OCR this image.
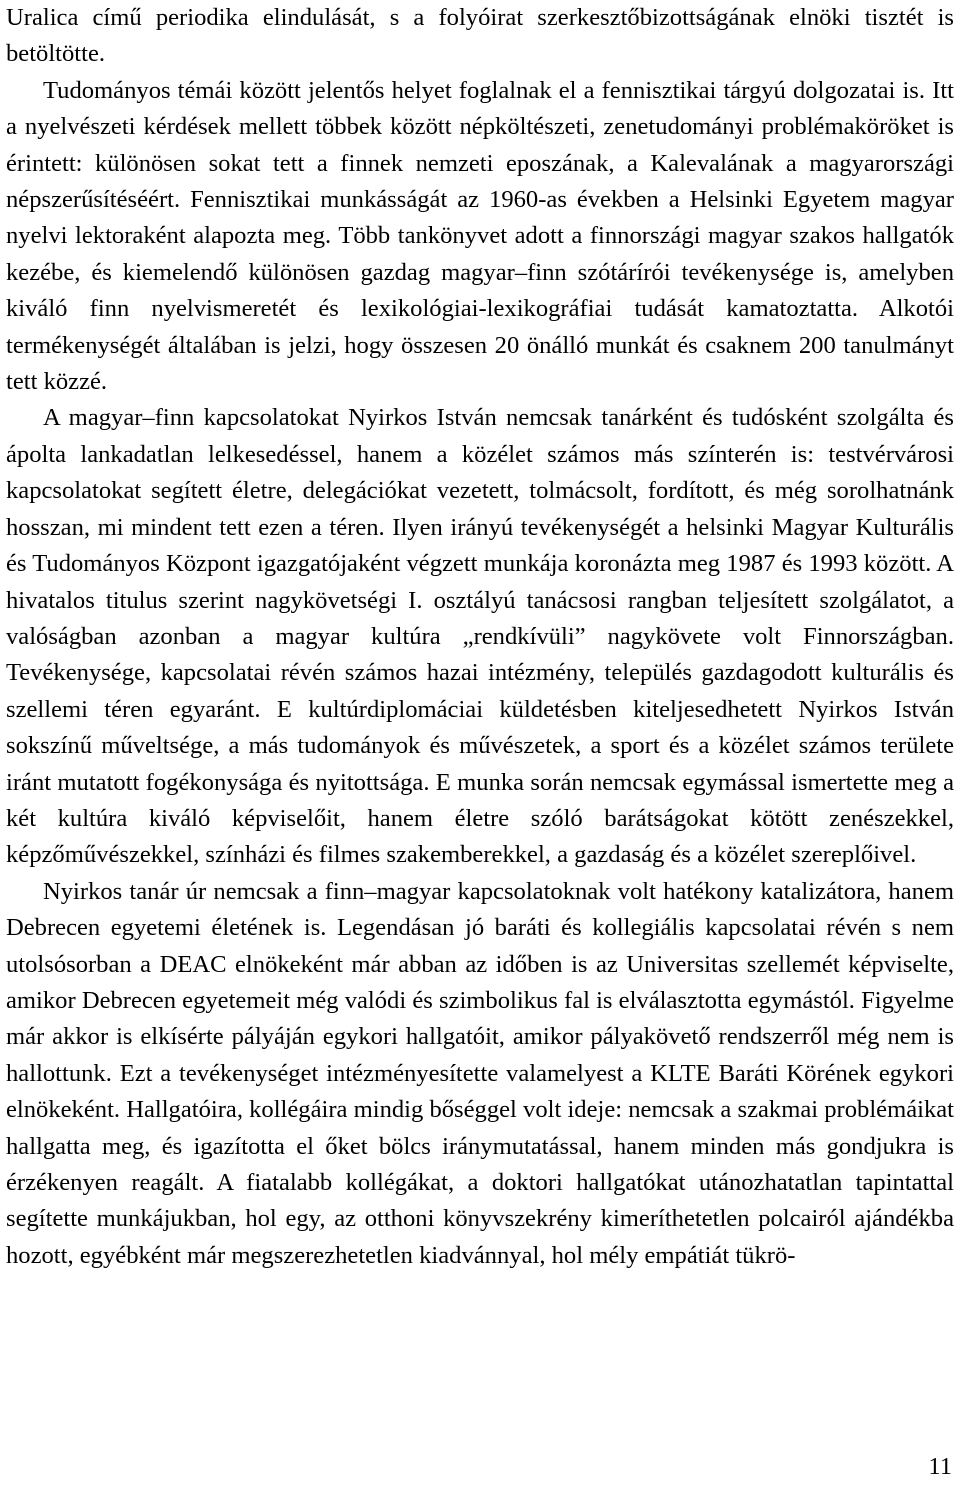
Uralica című periodika elindulását, s a folyóirat szerkesztőbizottságának elnöki tisztét is betöltötte.

Tudományos témái között jelentős helyet foglalnak el a fennisztikai tárgyú dolgozatai is. Itt a nyelvészeti kérdések mellett többek között népköltészeti, zenetudományi problémaköröket is érintett: különösen sokat tett a finnek nemzeti eposzának, a Kalevalának a magyarországi népszerűsítéséért. Fennisztikai munkásságát az 1960-as években a Helsinki Egyetem magyar nyelvi lektoraként alapozta meg. Több tankönyvet adott a finnországi magyar szakos hallgatók kezébe, és kiemelendő különösen gazdag magyar–finn szótárírói tevékenysége is, amelyben kiváló finn nyelvismeretét és lexikológiai-lexikográfiai tudását kamatoztatta. Alkotói termékenységét általában is jelzi, hogy összesen 20 önálló munkát és csaknem 200 tanulmányt tett közzé.

A magyar–finn kapcsolatokat Nyirkos István nemcsak tanárként és tudósként szolgálta és ápolta lankadatlan lelkesedéssel, hanem a közélet számos más színterén is: testvérvárosi kapcsolatokat segített életre, delegációkat vezetett, tolmácsolt, fordított, és még sorolhatnánk hosszan, mi mindent tett ezen a téren. Ilyen irányú tevékenységét a helsinki Magyar Kulturális és Tudományos Központ igazgatójaként végzett munkája koronázta meg 1987 és 1993 között. A hivatalos titulus szerint nagykövetségi I. osztályú tanácsosi rangban teljesített szolgálatot, a valóságban azonban a magyar kultúra „rendkívüli” nagykövete volt Finnországban. Tevékenysége, kapcsolatai révén számos hazai intézmény, település gazdagodott kulturális és szellemi téren egyaránt. E kultúrdiplomáciai küldetésben kiteljesedhetett Nyirkos István sokszínű műveltsége, a más tudományok és művészetek, a sport és a közélet számos területe iránt mutatott fogékonysága és nyitottsága. E munka során nemcsak egymással ismertette meg a két kultúra kiváló képviselőit, hanem életre szóló barátságokat kötött zenészekkel, képzőművészekkel, színházi és filmes szakemberekkel, a gazdaság és a közélet szereplőivel.

Nyirkos tanár úr nemcsak a finn–magyar kapcsolatoknak volt hatékony katalizátora, hanem Debrecen egyetemi életének is. Legendásan jó baráti és kollegiális kapcsolatai révén s nem utolsósorban a DEAC elnökeként már abban az időben is az Universitas szellemét képviselte, amikor Debrecen egyetemeit még valódi és szimbolikus fal is elválasztotta egymástól. Figyelme már akkor is elkísérte pályáján egykori hallgatóit, amikor pályakövető rendszerről még nem is hallottunk. Ezt a tevékenységet intézményesítette valamelyest a KLTE Baráti Körének egykori elnökeként. Hallgatóira, kollégáira mindig bőséggel volt ideje: nemcsak a szakmai problémáikat hallgatta meg, és igazította el őket bölcs iránymutatással, hanem minden más gondjukra is érzékenyen reagált. A fiatalabb kollégákat, a doktori hallgatókat utánozhatatlan tapintattal segítette munkájukban, hol egy, az otthoni könyvszekrény kimeríthetetlen polcairól ajándékba hozott, egyébként már megszerezhetetlen kiadvánnyal, hol mély empátiát tükrö-

11
